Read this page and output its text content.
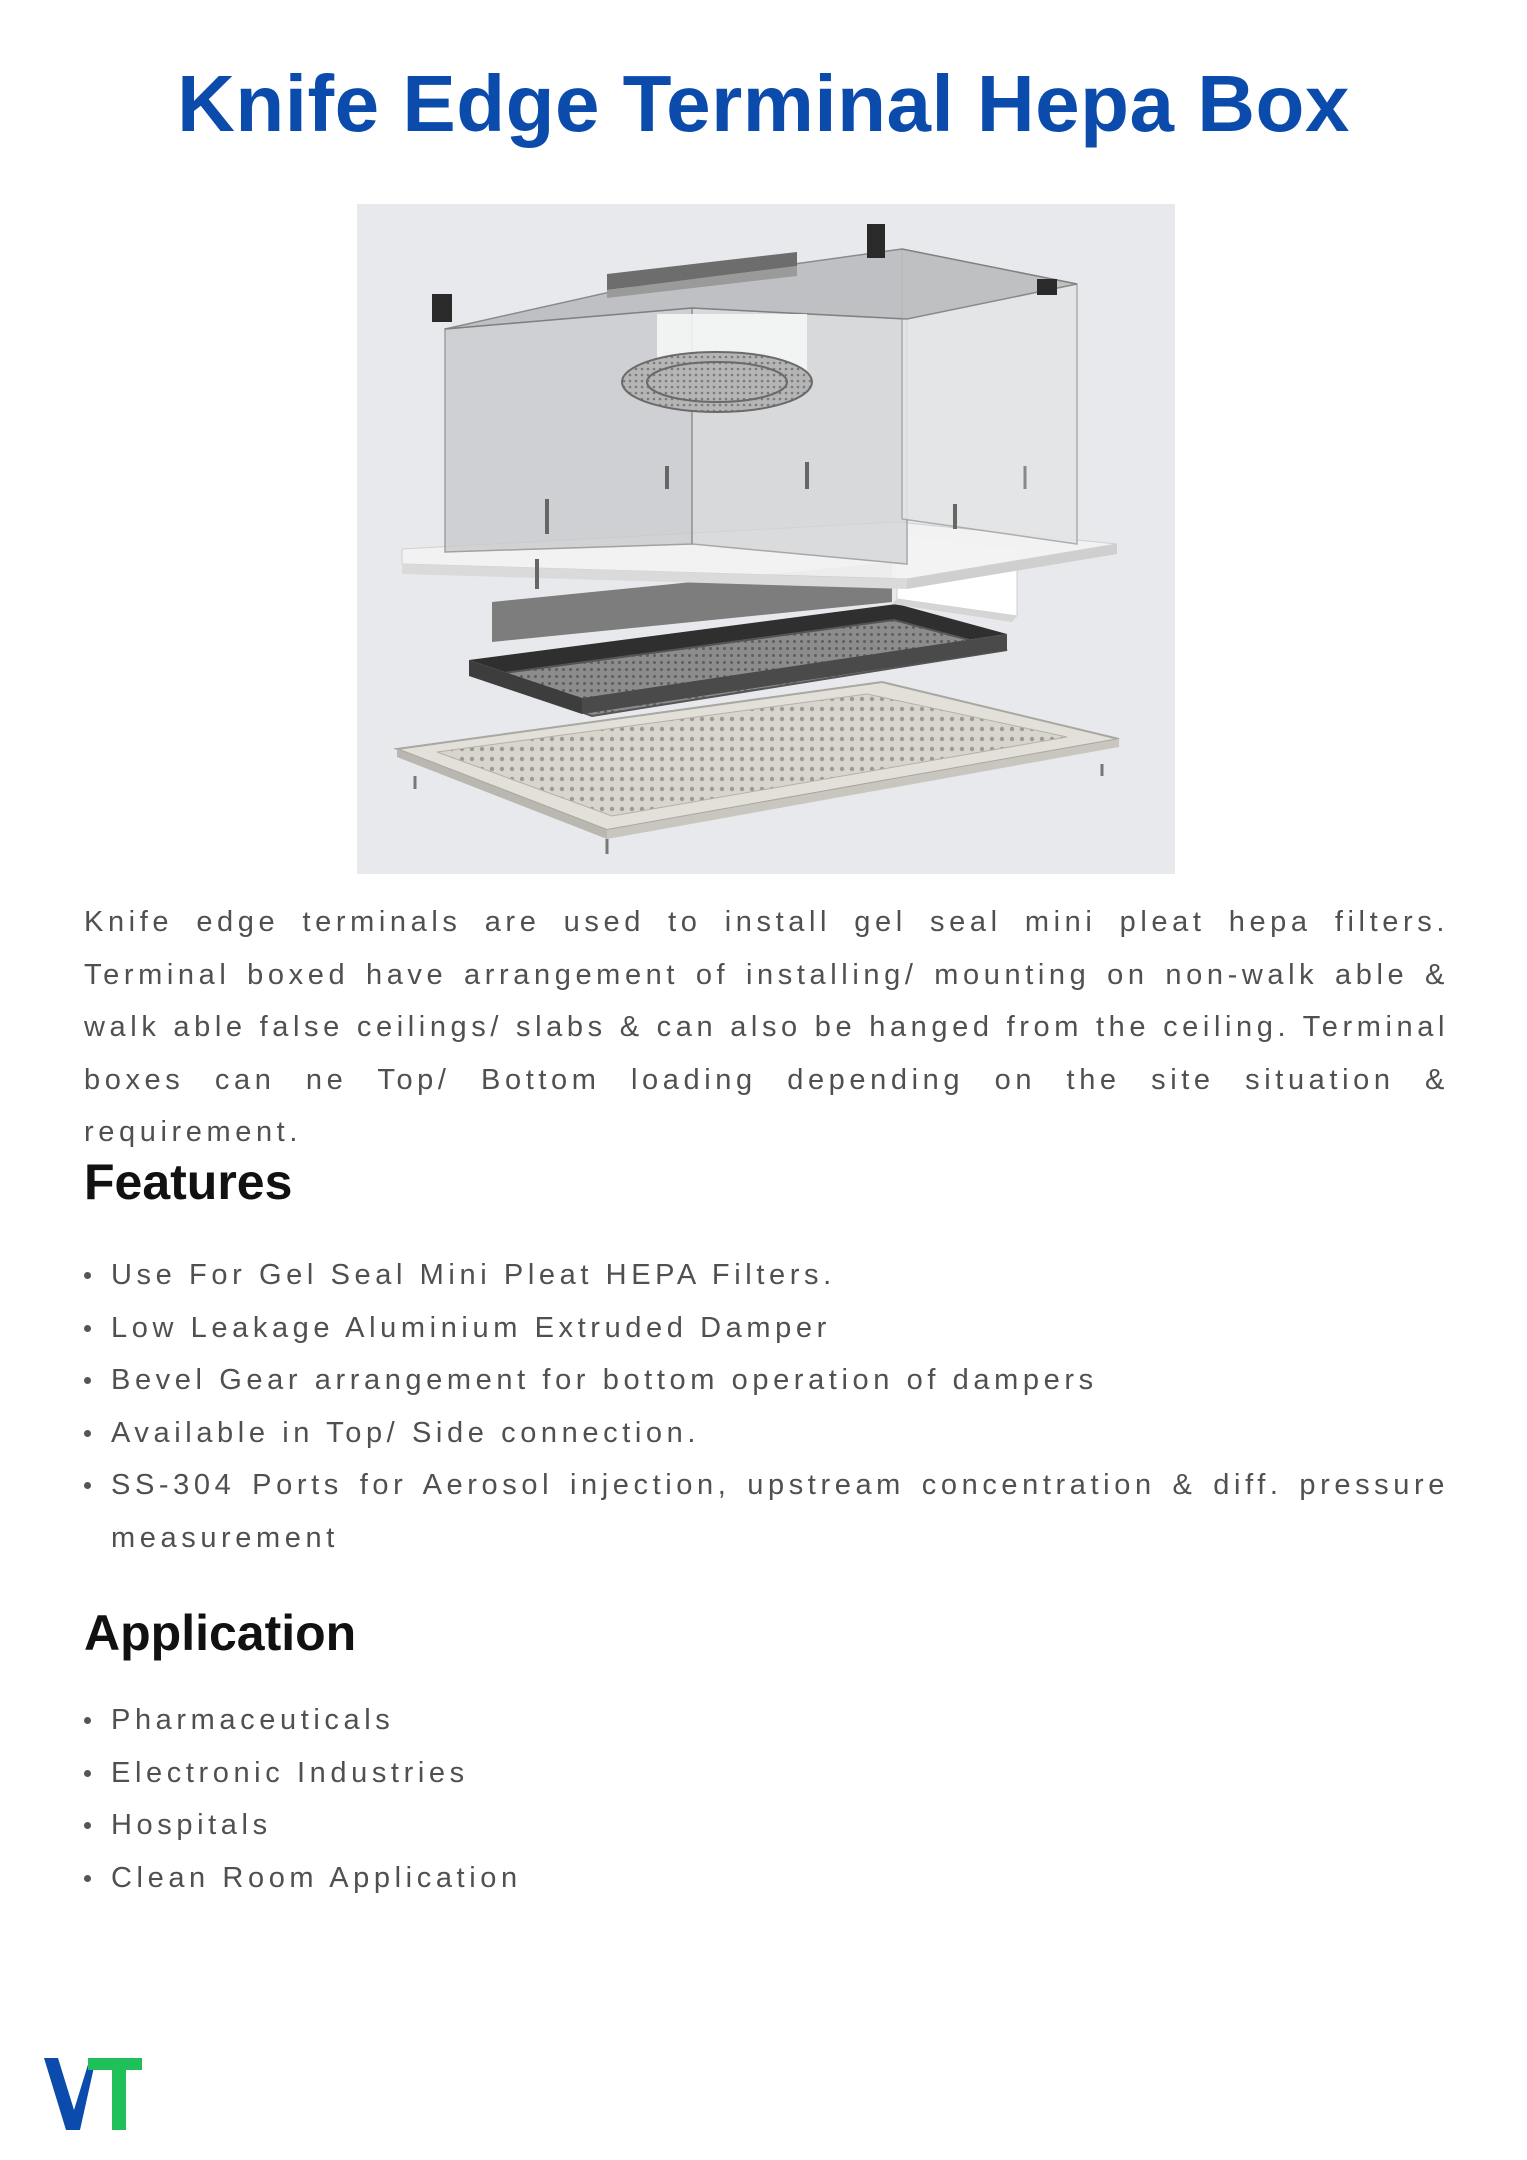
Knife Edge Terminal Hepa Box

Knife edge terminals are used to install gel seal mini pleat hepa filters. Terminal boxed have arrangement of installing/ mounting on non-walk able & walk able false ceilings/ slabs & can also be hanged from the ceiling. Terminal boxes can ne Top/ Bottom loading depending on the site situation & requirement.

Features
Use For Gel Seal Mini Pleat HEPA Filters.
Low Leakage Aluminium Extruded Damper
Bevel Gear arrangement for bottom operation of dampers
Available in Top/ Side connection.
SS-304 Ports for Aerosol injection, upstream concentration & diff. pressure measurement
Application
Pharmaceuticals
Electronic Industries
Hospitals
Clean Room Application
